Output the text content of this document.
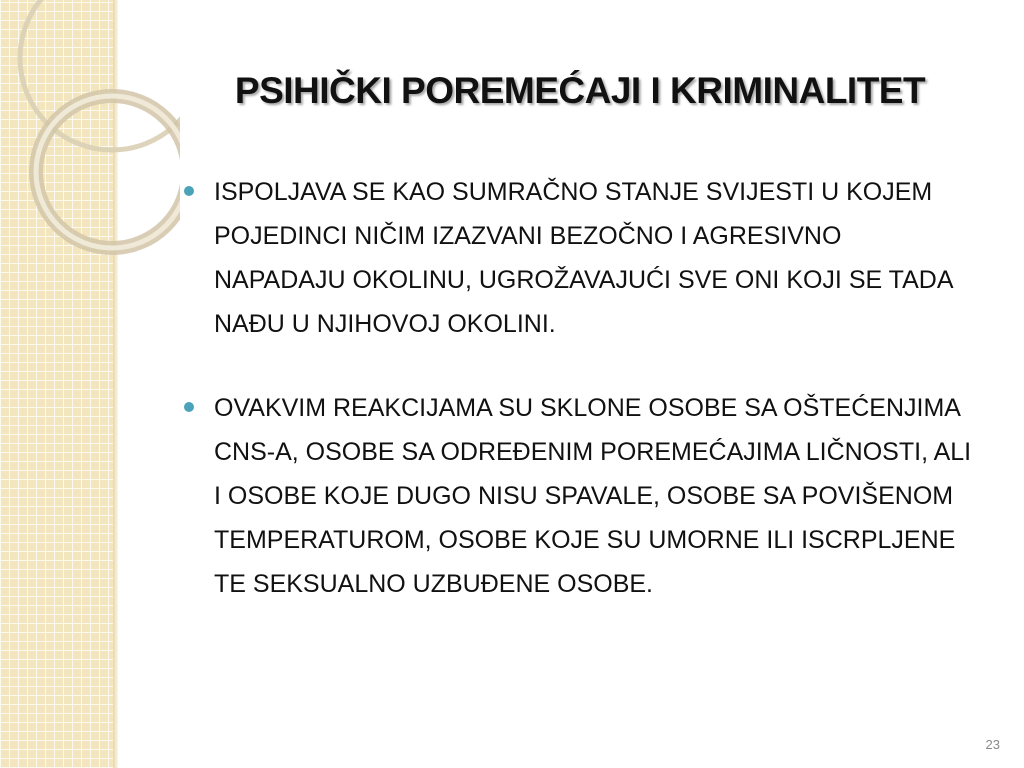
PSIHIČKI POREMEĆAJI I KRIMINALITET
ISPOLJAVA SE KAO SUMRAČNO STANJE SVIJESTI U KOJEM POJEDINCI NIČIM IZAZVANI BEZOČNO I AGRESIVNO NAPADAJU OKOLINU, UGROŽAVAJUĆI SVE ONI KOJI SE TADA NAĐU U NJIHOVOJ OKOLINI.
OVAKVIM REAKCIJAMA SU SKLONE OSOBE SA OŠTEĆENJIMA CNS-A, OSOBE SA ODREĐENIM POREMEĆAJIMA LIČNOSTI, ALI I OSOBE KOJE DUGO NISU SPAVALE, OSOBE SA POVIŠENOM TEMPERATUROM, OSOBE KOJE SU UMORNE ILI ISCRPLJENE TE SEKSUALNO UZBUĐENE OSOBE.
23
